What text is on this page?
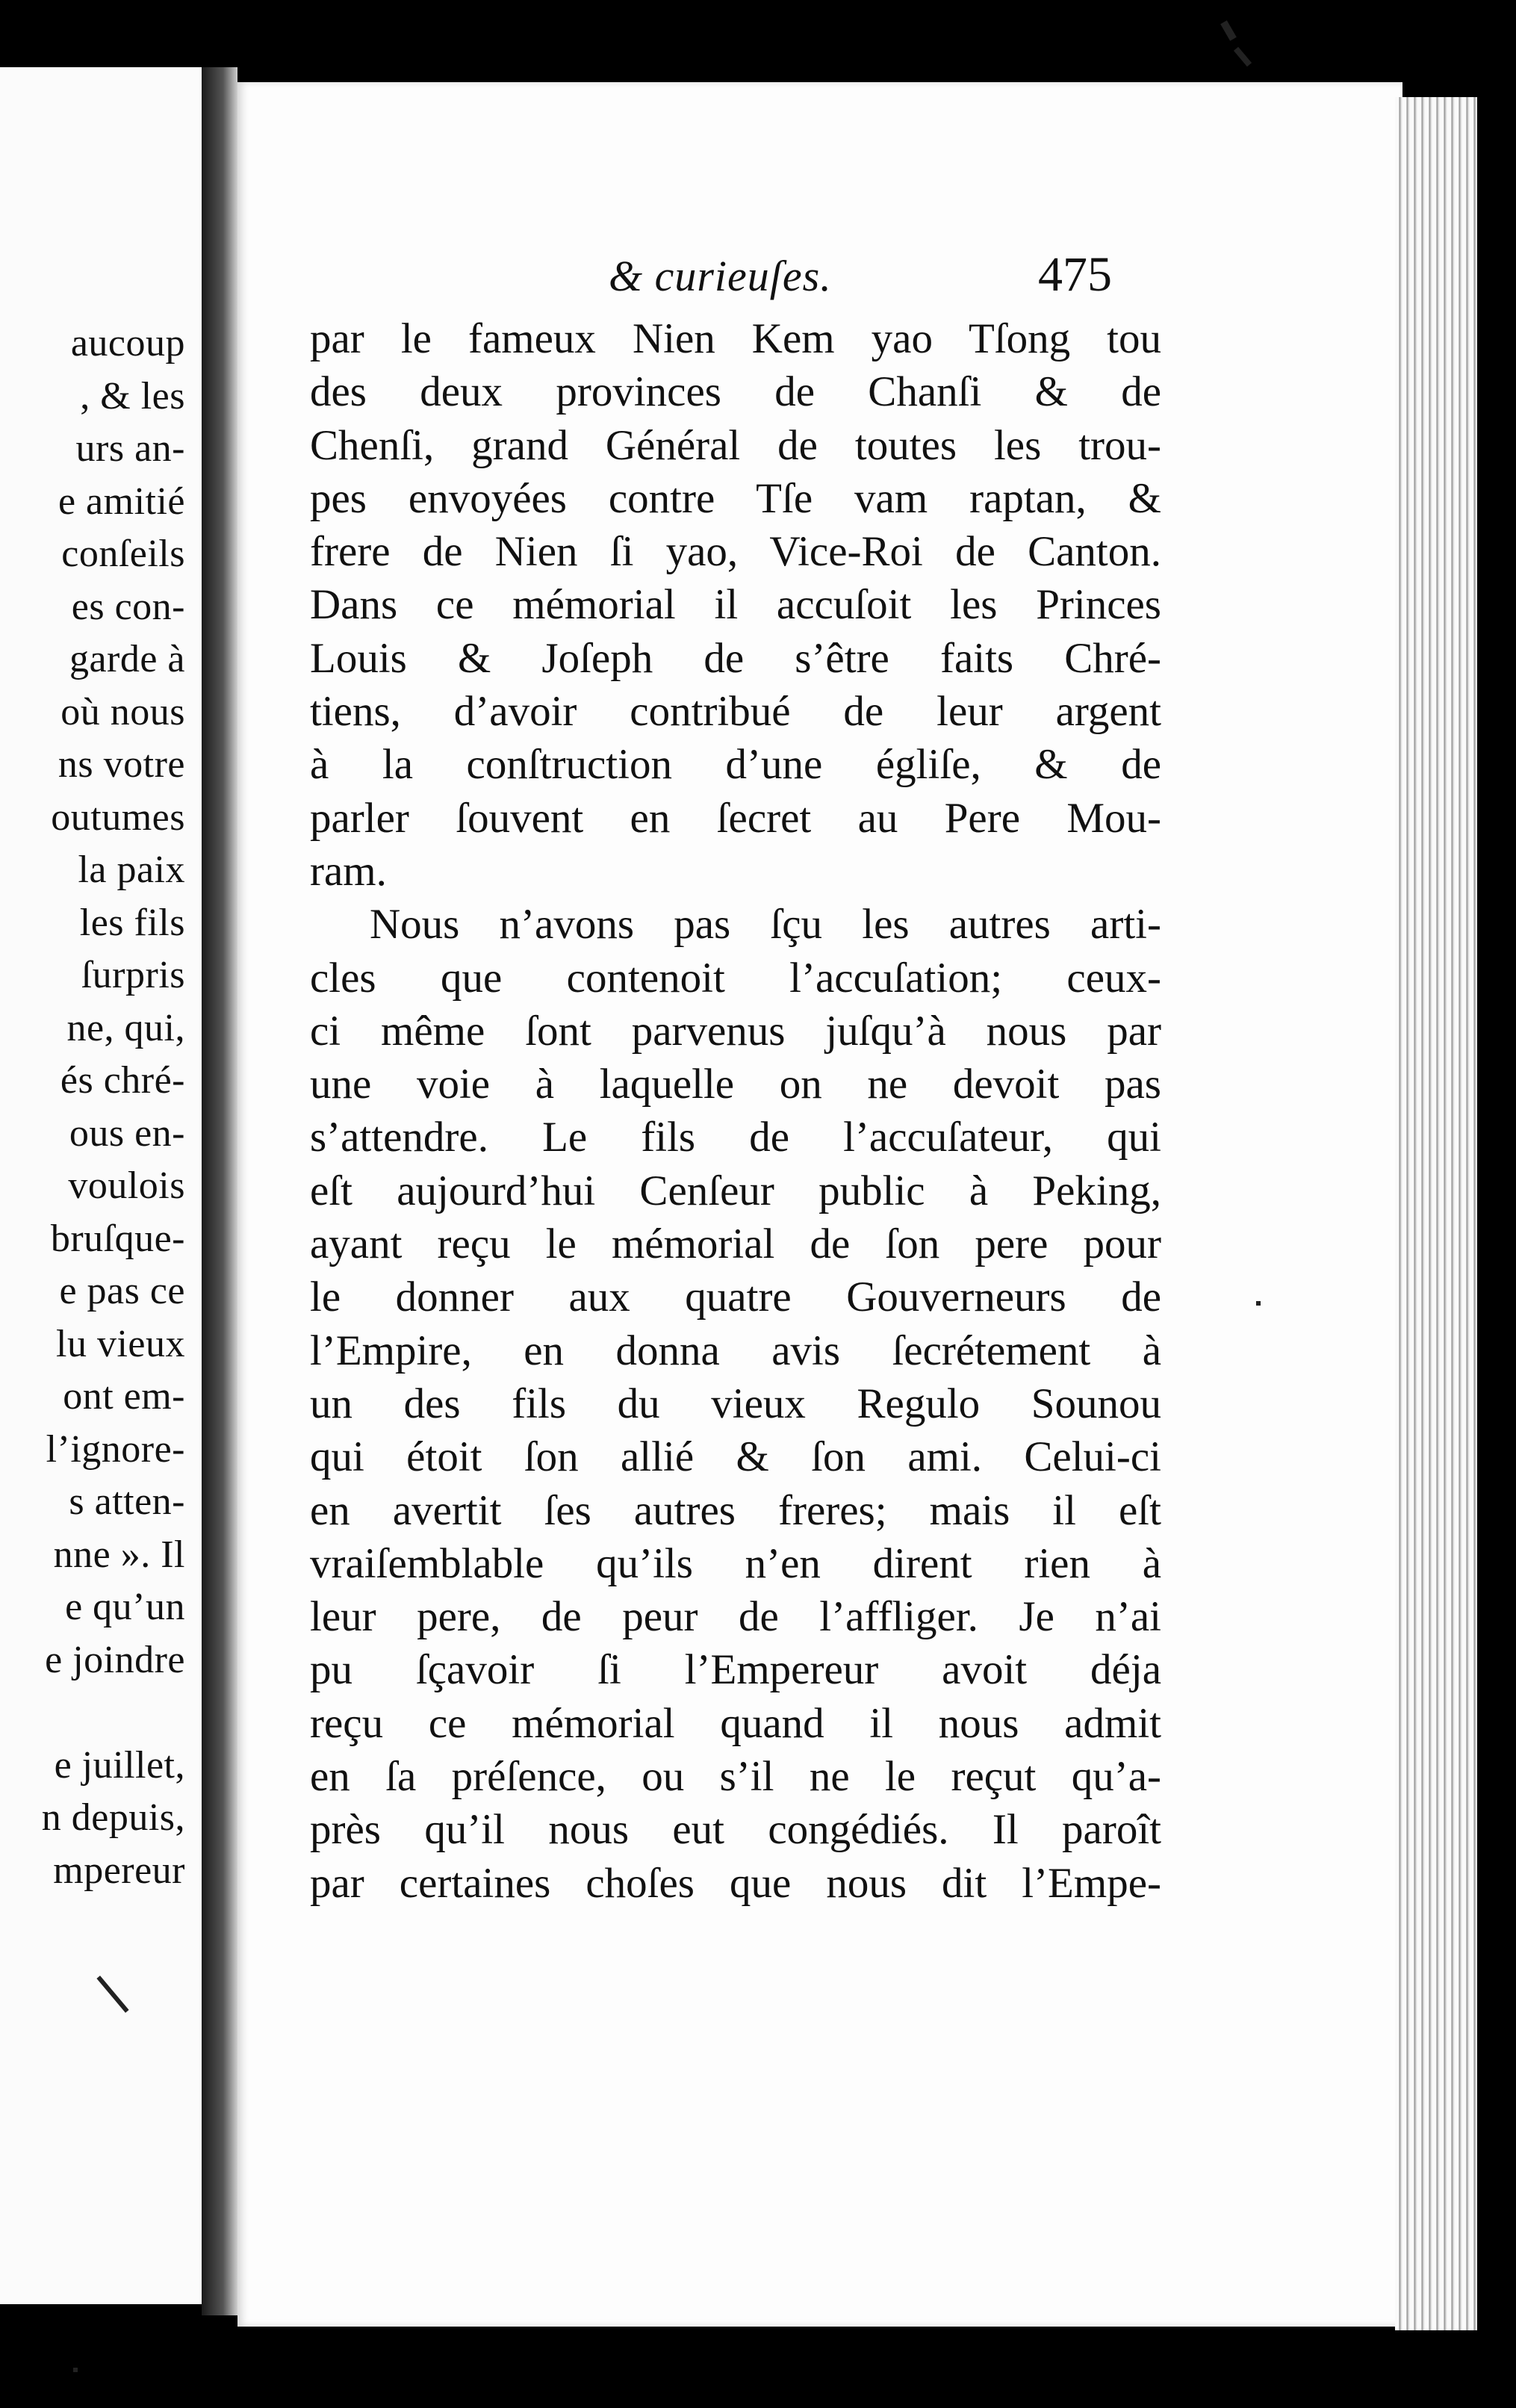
aucoup
, & les
urs an-
e amitié
conſeils
es con-
garde à
où nous
ns votre
outumes
la paix
les fils
ſurpris
ne, qui,
és chré-
ous en-
voulois
bruſque-
e pas ce
lu vieux
ont em-
l’ignore-
s atten-
nne ». Il
e qu’un
e joindre

e juillet,
n depuis,
mpereur
& curieuſes.	475
par le fameux Nien Kem yao Tſong tou
des deux provinces de Chanſi & de
Chenſi, grand Général de toutes les trou-
pes envoyées contre Tſe vam raptan, &
frere de Nien ſi yao, Vice-Roi de Canton.
Dans ce mémorial il accuſoit les Princes
Louis & Joſeph de s’être faits Chré-
tiens, d’avoir contribué de leur argent
à la conſtruction d’une égliſe, & de
parler ſouvent en ſecret au Pere Mou-
ram.
Nous n’avons pas ſçu les autres arti-
cles que contenoit l’accuſation; ceux-
ci même ſont parvenus juſqu’à nous par
une voie à laquelle on ne devoit pas
s’attendre. Le fils de l’accuſateur, qui
eſt aujourd’hui Cenſeur public à Peking,
ayant reçu le mémorial de ſon pere pour
le donner aux quatre Gouverneurs de
l’Empire, en donna avis ſecrétement à
un des fils du vieux Regulo Sounou
qui étoit ſon allié & ſon ami. Celui-ci
en avertit ſes autres freres; mais il eſt
vraiſemblable qu’ils n’en dirent rien à
leur pere, de peur de l’affliger. Je n’ai
pu ſçavoir ſi l’Empereur avoit déja
reçu ce mémorial quand il nous admit
en ſa préſence, ou s’il ne le reçut qu’a-
près qu’il nous eut congédiés. Il paroît
par certaines choſes que nous dit l’Empe-
